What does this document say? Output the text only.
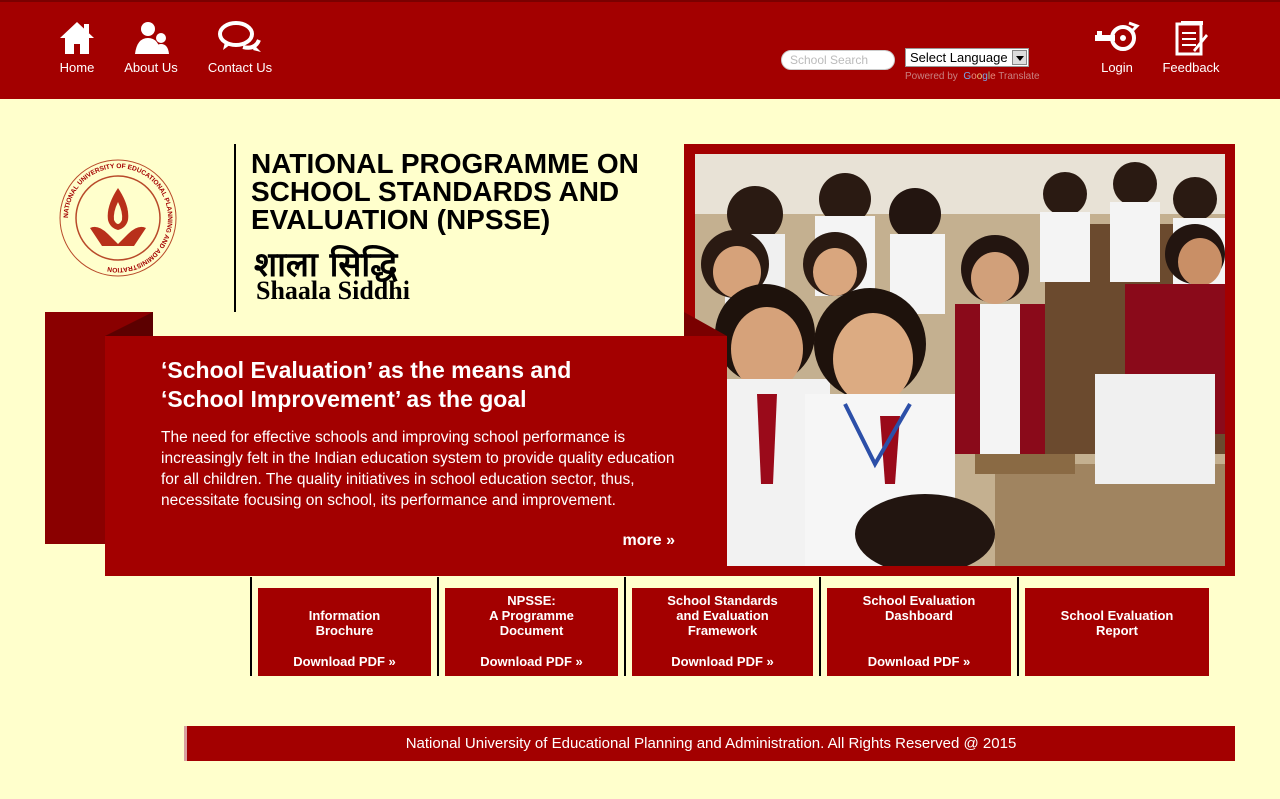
Home	About Us	Contact Us
School Search
Select Language
Powered by Google Translate
Login	Feedback
NATIONAL UNIVERSITY OF EDUCATIONAL PLANNING AND ADMINISTRATION
NATIONAL PROGRAMME ON SCHOOL STANDARDS AND EVALUATION (NPSSE)
शाला सिद्धि
Shaala Siddhi
‘School Evaluation’ as the means and
‘School Improvement’ as the goal
The need for effective schools and improving school performance is increasingly felt in the Indian education system to provide quality education for all children. The quality initiatives in school education sector, thus, necessitate focusing on school, its performance and improvement.
more »
Information
Brochure
Download PDF »
NPSSE:
A Programme
Document
Download PDF »
School Standards
and Evaluation
Framework
Download PDF »
School Evaluation
Dashboard
Download PDF »
School Evaluation
Report
National University of Educational Planning and Administration. All Rights Reserved @ 2015
